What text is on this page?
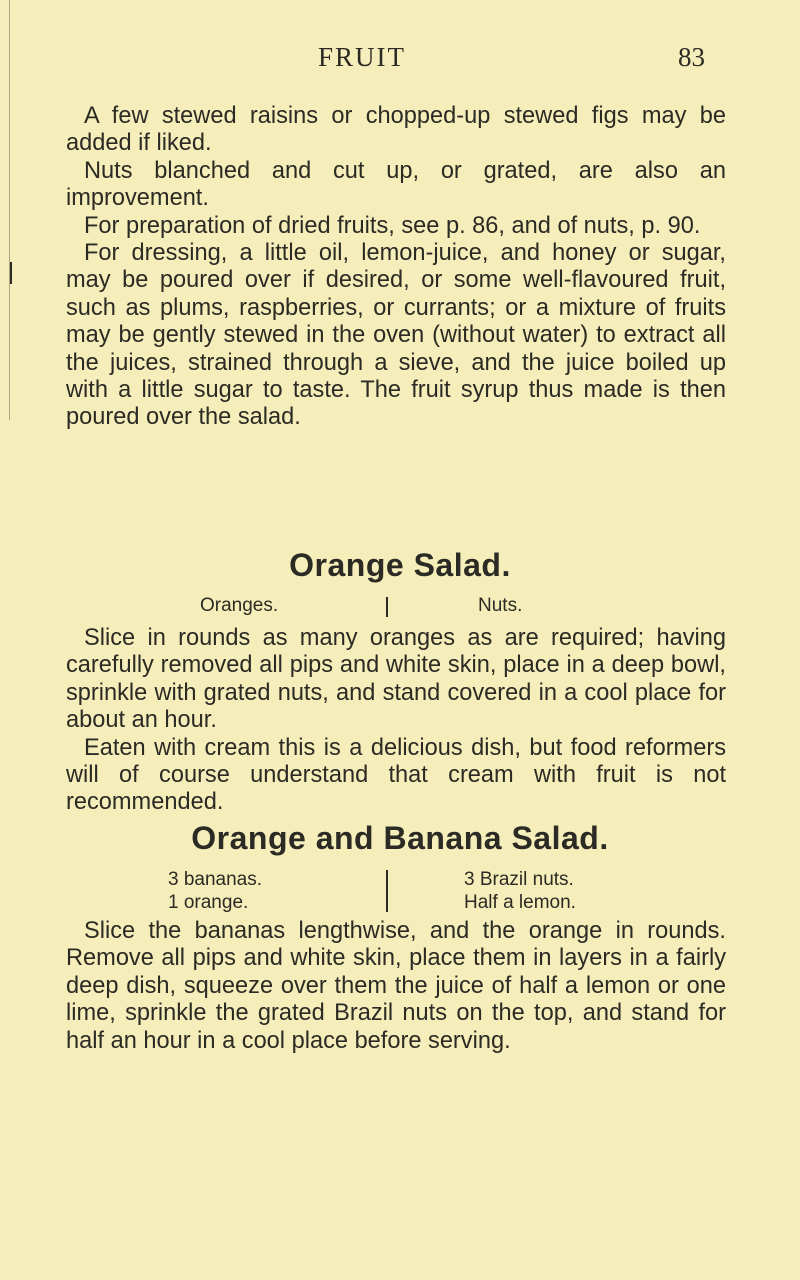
FRUIT	83

A few stewed raisins or chopped-up stewed figs may be added if liked.

Nuts blanched and cut up, or grated, are also an improvement.

For preparation of dried fruits, see p. 86, and of nuts, p. 90.

For dressing, a little oil, lemon-juice, and honey or sugar, may be poured over if desired, or some well-flavoured fruit, such as plums, raspberries, or currants; or a mixture of fruits may be gently stewed in the oven (without water) to extract all the juices, strained through a sieve, and the juice boiled up with a little sugar to taste. The fruit syrup thus made is then poured over the salad.

Orange Salad.
Oranges.	Nuts.

Slice in rounds as many oranges as are required; having carefully removed all pips and white skin, place in a deep bowl, sprinkle with grated nuts, and stand covered in a cool place for about an hour.

Eaten with cream this is a delicious dish, but food reformers will of course understand that cream with fruit is not recommended.

Orange and Banana Salad.
3 bananas.
1 orange.
3 Brazil nuts.
Half a lemon.

Slice the bananas lengthwise, and the orange in rounds. Remove all pips and white skin, place them in layers in a fairly deep dish, squeeze over them the juice of half a lemon or one lime, sprinkle the grated Brazil nuts on the top, and stand for half an hour in a cool place before serving.
